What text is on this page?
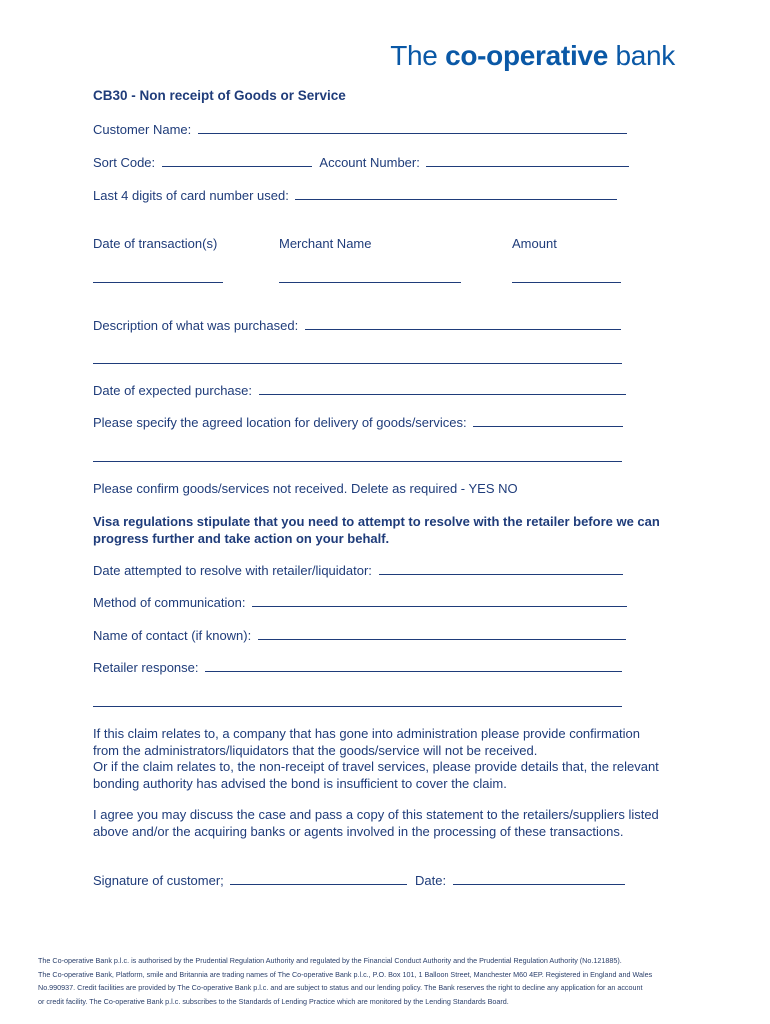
The co-operative bank
CB30 - Non receipt of Goods or Service
Customer Name:
Sort Code:	Account Number:
Last 4 digits of card number used:
Date of transaction(s)	Merchant Name	Amount
Description of what was purchased:
Date of expected purchase:
Please specify the agreed location for delivery of goods/services:
Please confirm goods/services not received. Delete as required - YES NO
Visa regulations stipulate that you need to attempt to resolve with the retailer before we can progress further and take action on your behalf.
Date attempted to resolve with retailer/liquidator:
Method of communication:
Name of contact (if known):
Retailer response:
If this claim relates to, a company that has gone into administration please provide confirmation
from the administrators/liquidators that the goods/service will not be received.
Or if the claim relates to, the non-receipt of travel services, please provide details that, the relevant
bonding authority has advised the bond is insufficient to cover the claim.
I agree you may discuss the case and pass a copy of this statement to the retailers/suppliers listed
above and/or the acquiring banks or agents involved in the processing of these transactions.
Signature of customer;	Date:
The Co-operative Bank p.l.c. is authorised by the Prudential Regulation Authority and regulated by the Financial Conduct Authority and the Prudential Regulation Authority (No.121885).
The Co-operative Bank, Platform, smile and Britannia are trading names of The Co-operative Bank p.l.c., P.O. Box 101, 1 Balloon Street, Manchester M60 4EP. Registered in England and Wales
No.990937. Credit facilities are provided by The Co-operative Bank p.l.c. and are subject to status and our lending policy. The Bank reserves the right to decline any application for an account
or credit facility. The Co-operative Bank p.l.c. subscribes to the Standards of Lending Practice which are monitored by the Lending Standards Board.
